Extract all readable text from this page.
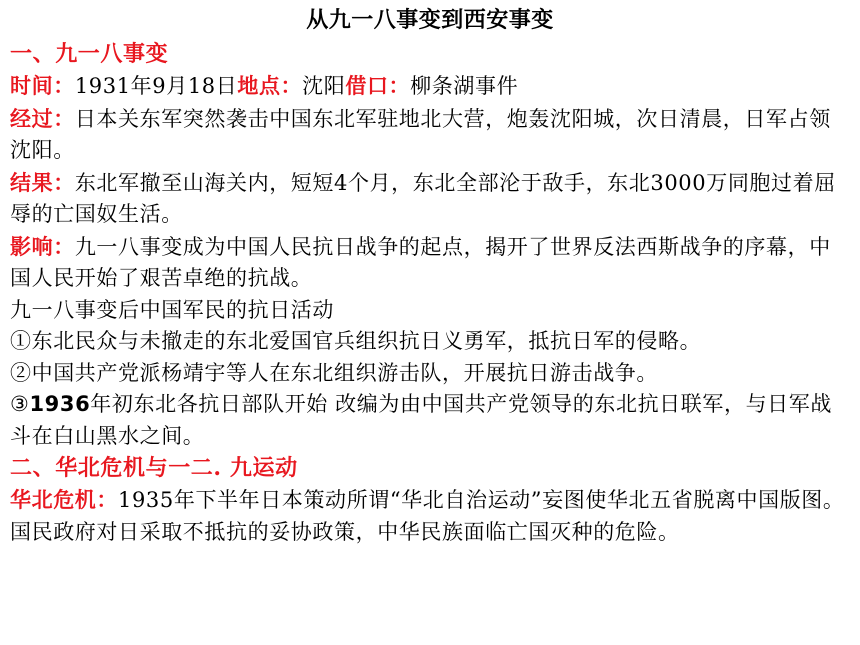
从九一八事变到西安事变
一、九一八事变

时间：1931年9月18日地点：沈阳借口：柳条湖事件

经过：日本关东军突然袭击中国东北军驻地北大营，炮轰沈阳城，次日清晨，日军占领沈阳。

结果：东北军撤至山海关内，短短4个月，东北全部沦于敌手，东北3000万同胞过着屈辱的亡国奴生活。

影响：九一八事变成为中国人民抗日战争的起点，揭开了世界反法西斯战争的序幕，中国人民开始了艰苦卓绝的抗战。

九一八事变后中国军民的抗日活动

①东北民众与未撤走的东北爱国官兵组织抗日义勇军，抵抗日军的侵略。

②中国共产党派杨靖宇等人在东北组织游击队，开展抗日游击战争。

③1936年初东北各抗日部队开始 改编为由中国共产党领导的东北抗日联军，与日军战斗在白山黑水之间。

二、华北危机与一二. 九运动

华北危机：1935年下半年日本策动所谓“华北自治运动”妄图使华北五省脱离中国版图。国民政府对日采取不抵抗的妥协政策，中华民族面临亡国灭种的危险。
